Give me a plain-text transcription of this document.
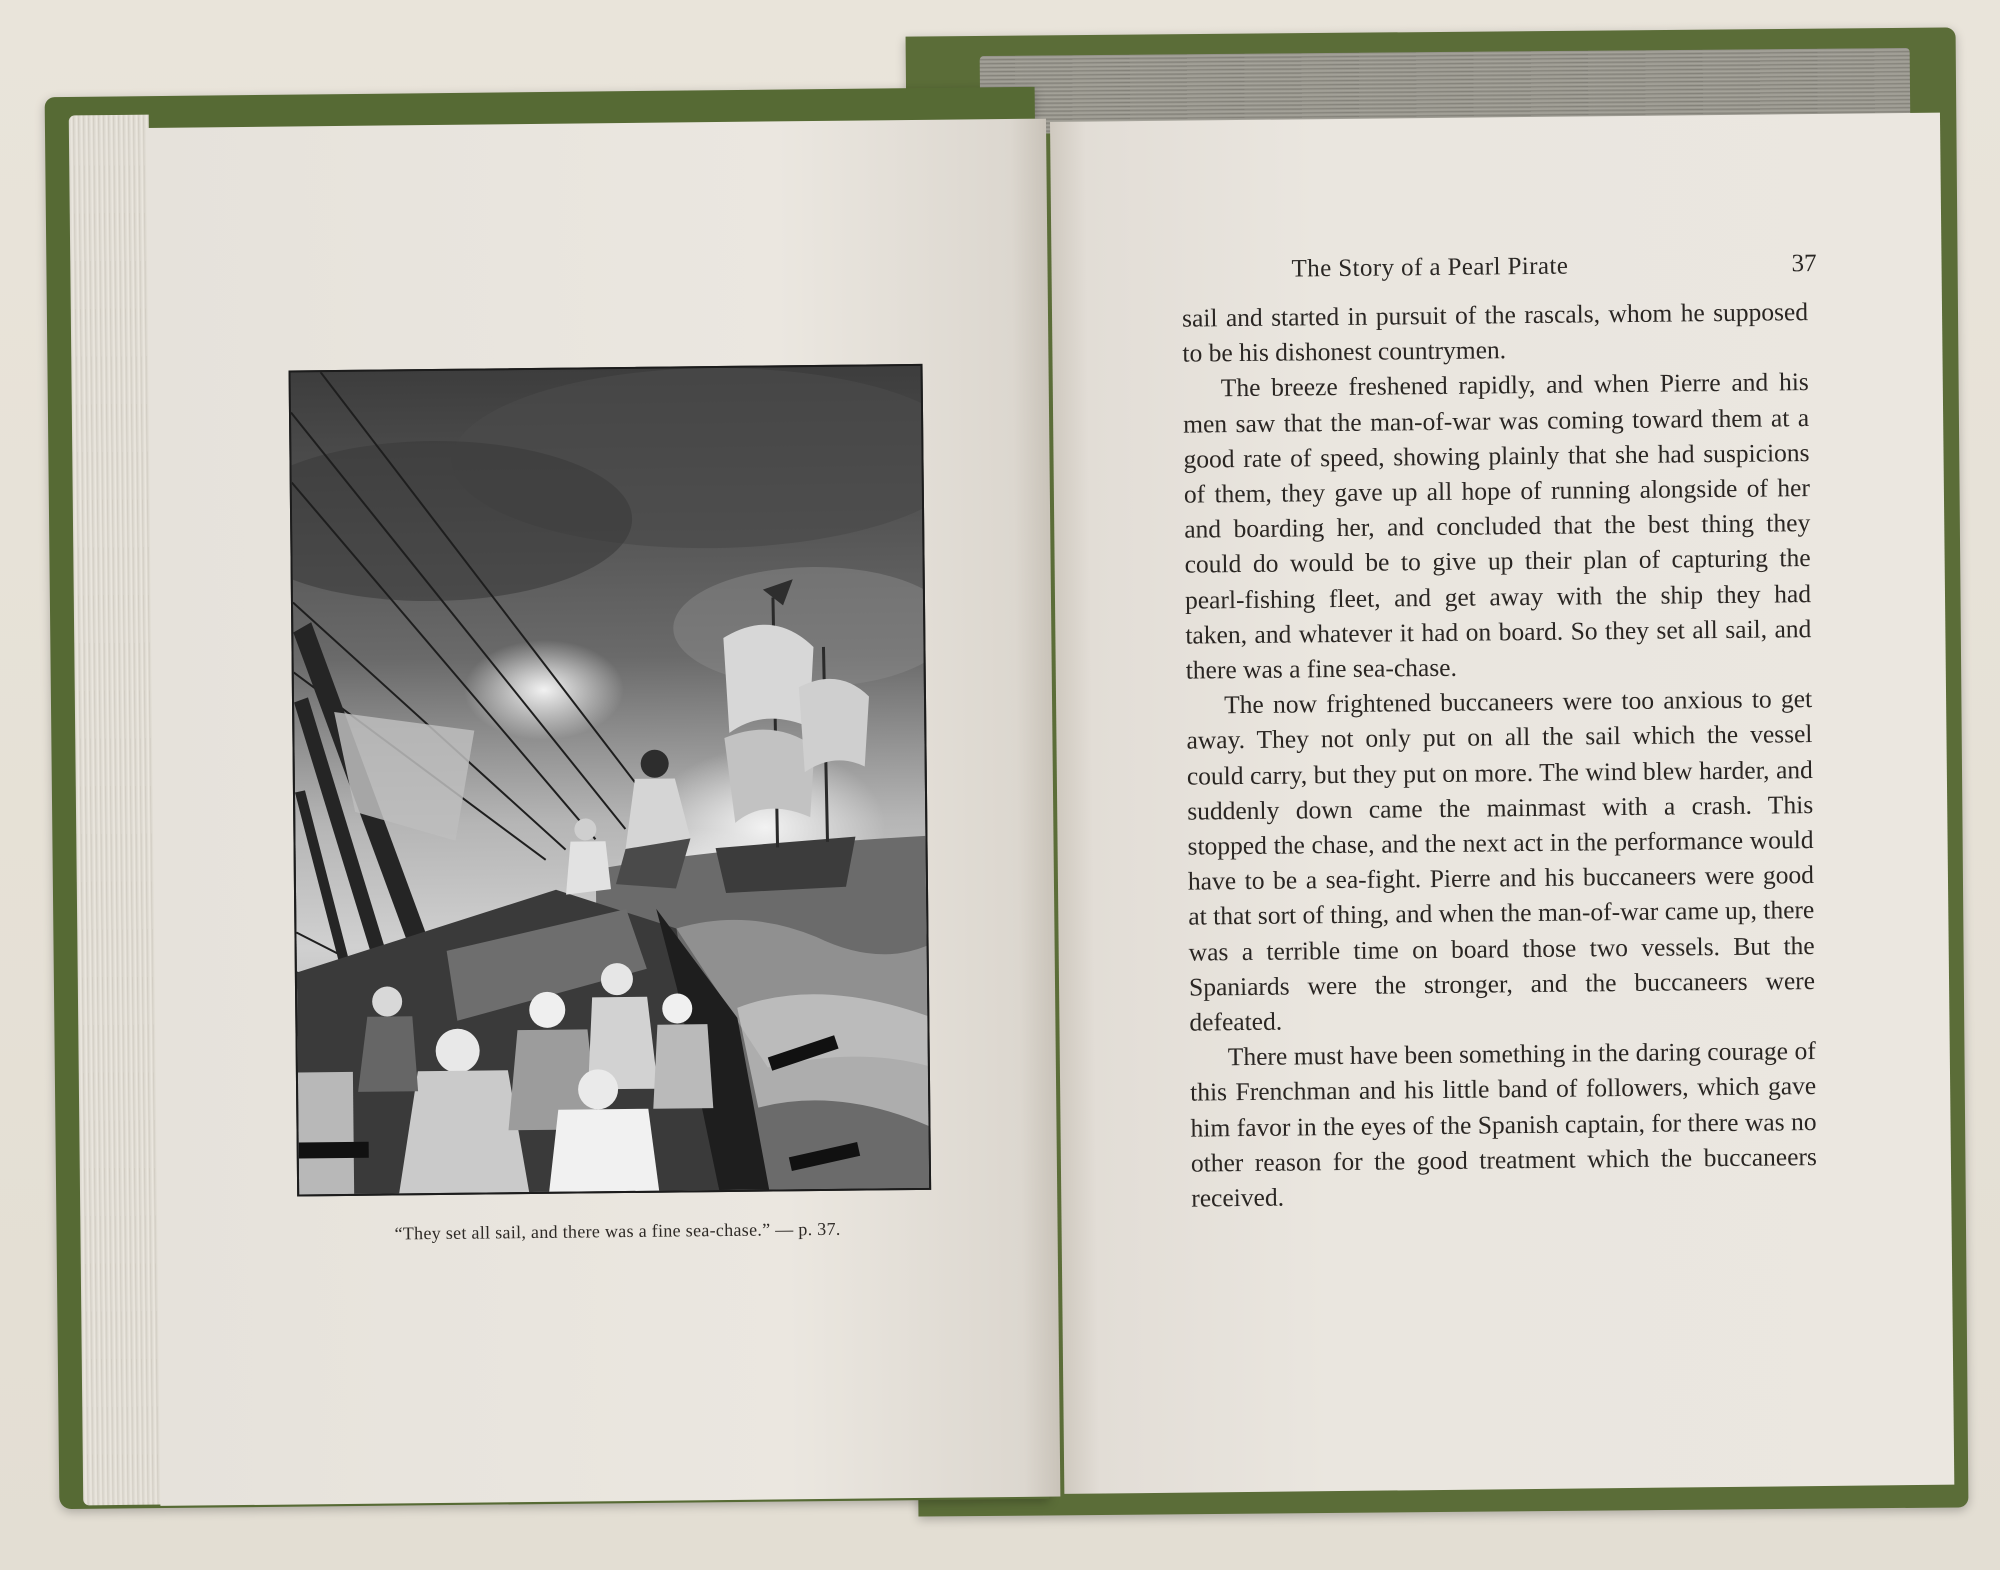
“They set all sail, and there was a fine sea-chase.” — p. 37.
The Story of a Pearl Pirate	37

sail and started in pursuit of the rascals, whom he supposed to be his dishonest countrymen.

The breeze freshened rapidly, and when Pierre and his men saw that the man-of-war was coming toward them at a good rate of speed, showing plainly that she had suspicions of them, they gave up all hope of running alongside of her and boarding her, and concluded that the best thing they could do would be to give up their plan of capturing the pearl-fishing fleet, and get away with the ship they had taken, and whatever it had on board. So they set all sail, and there was a fine sea-chase.

The now frightened buccaneers were too anxious to get away. They not only put on all the sail which the vessel could carry, but they put on more. The wind blew harder, and suddenly down came the mainmast with a crash. This stopped the chase, and the next act in the performance would have to be a sea-fight. Pierre and his buccaneers were good at that sort of thing, and when the man-of-war came up, there was a terrible time on board those two vessels. But the Spaniards were the stronger, and the buccaneers were defeated.

There must have been something in the daring courage of this Frenchman and his little band of followers, which gave him favor in the eyes of the Spanish captain, for there was no other reason for the good treatment which the buccaneers received.
